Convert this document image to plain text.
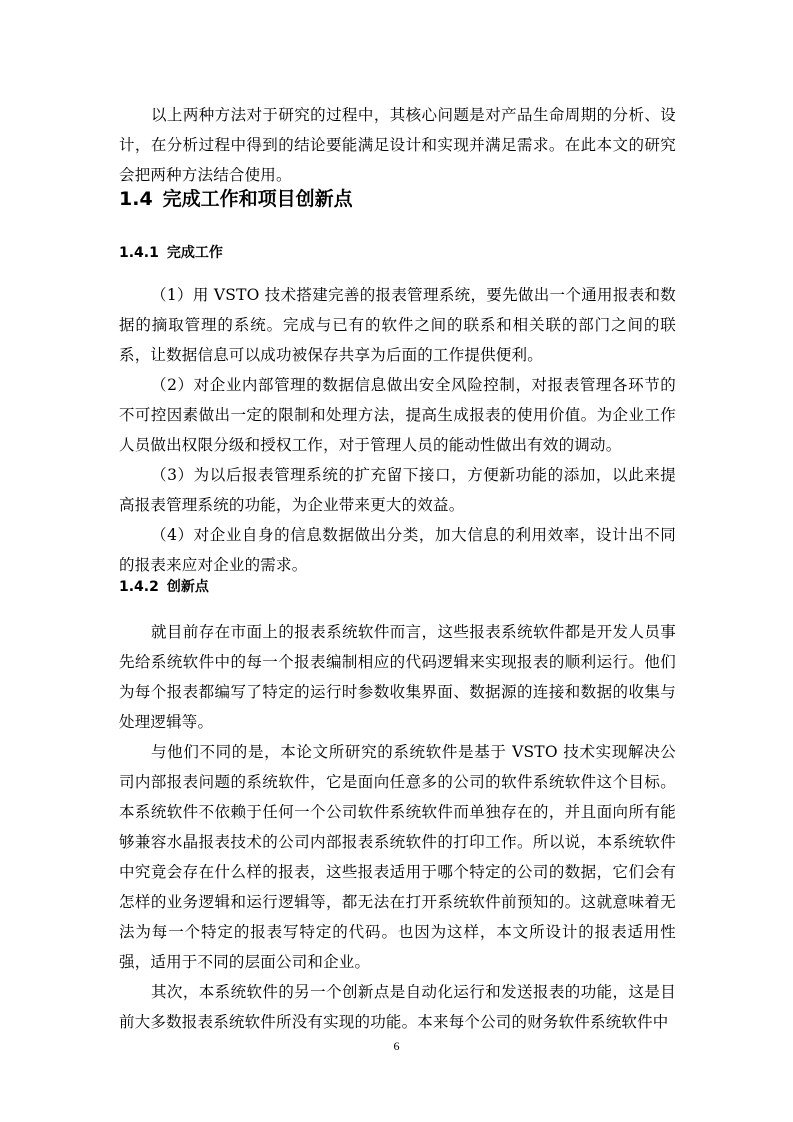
以上两种方法对于研究的过程中，其核心问题是对产品生命周期的分析、设计，在分析过程中得到的结论要能满足设计和实现并满足需求。在此本文的研究会把两种方法结合使用。

1.4 完成工作和项目创新点
1.4.1 完成工作

（1）用 VSTO 技术搭建完善的报表管理系统，要先做出一个通用报表和数据的摘取管理的系统。完成与已有的软件之间的联系和相关联的部门之间的联系，让数据信息可以成功被保存共享为后面的工作提供便利。

（2）对企业内部管理的数据信息做出安全风险控制，对报表管理各环节的不可控因素做出一定的限制和处理方法，提高生成报表的使用价值。为企业工作人员做出权限分级和授权工作，对于管理人员的能动性做出有效的调动。

（3）为以后报表管理系统的扩充留下接口，方便新功能的添加，以此来提高报表管理系统的功能，为企业带来更大的效益。

（4）对企业自身的信息数据做出分类，加大信息的利用效率，设计出不同的报表来应对企业的需求。

1.4.2 创新点

就目前存在市面上的报表系统软件而言，这些报表系统软件都是开发人员事先给系统软件中的每一个报表编制相应的代码逻辑来实现报表的顺利运行。他们为每个报表都编写了特定的运行时参数收集界面、数据源的连接和数据的收集与处理逻辑等。

与他们不同的是，本论文所研究的系统软件是基于 VSTO 技术实现解决公司内部报表问题的系统软件，它是面向任意多的公司的软件系统软件这个目标。本系统软件不依赖于任何一个公司软件系统软件而单独存在的，并且面向所有能够兼容水晶报表技术的公司内部报表系统软件的打印工作。所以说，本系统软件中究竟会存在什么样的报表，这些报表适用于哪个特定的公司的数据，它们会有怎样的业务逻辑和运行逻辑等，都无法在打开系统软件前预知的。这就意味着无法为每一个特定的报表写特定的代码。也因为这样，本文所设计的报表适用性强，适用于不同的层面公司和企业。

其次，本系统软件的另一个创新点是自动化运行和发送报表的功能，这是目前大多数报表系统软件所没有实现的功能。本来每个公司的财务软件系统软件中

6
